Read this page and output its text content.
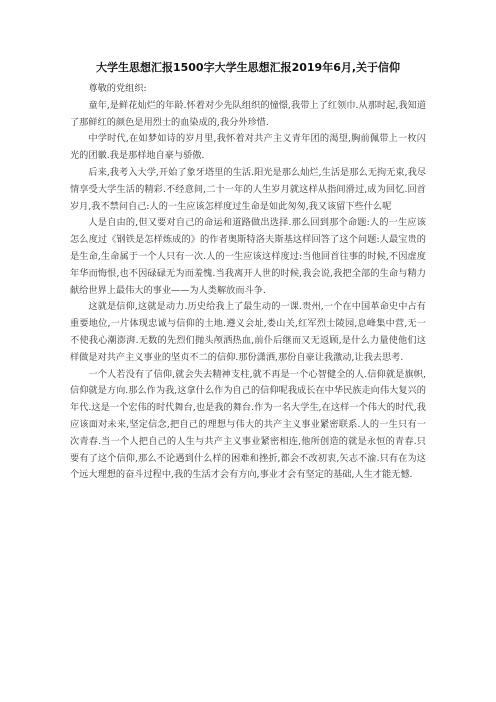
大学生思想汇报1500字大学生思想汇报2019年6月,关于信仰

尊敬的党组织:

童年,是鲜花灿烂的年龄.怀着对少先队组织的憧憬,我带上了红领巾.从那时起,我知道了那鲜红的颜色是用烈士的血染成的,我分外珍惜.

中学时代,在如梦如诗的岁月里,我怀着对共产主义青年团的渴望,胸前佩带上一枚闪光的团徽.我是那样地自豪与骄傲.

后来,我考入大学,开始了象牙塔里的生活.阳光是那么灿烂,生活是那么无拘无束,我尽情享受大学生活的精彩.不经意间,二十一年的人生岁月就这样从指间滑过,成为回忆.回首岁月,我不禁问自己:人的一生应该怎样度过生命是如此匆匆,我又该留下些什么呢

人是自由的,但又要对自己的命运和道路做出选择.那么回到那个命题:人的一生应该怎么度过《钢铁是怎样炼成的》的作者奥斯特洛夫斯基这样回答了这个问题:人最宝贵的是生命,生命属于一个人只有一次.人的一生应该这样度过:当他回首往事的时候,不因虚度年华而悔恨,也不因碌碌无为而羞愧.当我离开人世的时候,我会说,我把全部的生命与精力献给世界上最伟大的事业——为人类解放而斗争.

这就是信仰,这就是动力.历史给我上了最生动的一课.贵州,一个在中国革命史中占有重要地位,一片体现忠诚与信仰的土地.遵义会址,娄山关,红军烈士陵园,息峰集中营,无一不使我心潮澎湃.无数的先烈们抛头颅洒热血,前仆后继而又无返顾,是什么力量使他们这样做是对共产主义事业的坚贞不二的信仰.那份潇洒,那份自豪让我激动,让我去思考.

一个人若没有了信仰,就会失去精神支柱,就不再是一个心智健全的人.信仰就是旗帜,信仰就是方向.那么作为我,这拿什么作为自己的信仰呢我成长在中华民族走向伟大复兴的年代.这是一个宏伟的时代舞台,也是我的舞台.作为一名大学生,在这样一个伟大的时代,我应该面对未来,坚定信念,把自己的理想与伟大的共产主义事业紧密联系.人的一生只有一次青春.当一个人把自己的人生与共产主义事业紧密相连,他所创造的就是永恒的青春.只要有了这个信仰,那么不论遇到什么样的困难和挫折,都会不改初衷,矢志不渝.只有在为这个远大理想的奋斗过程中,我的生活才会有方向,事业才会有坚定的基础,人生才能无憾.
